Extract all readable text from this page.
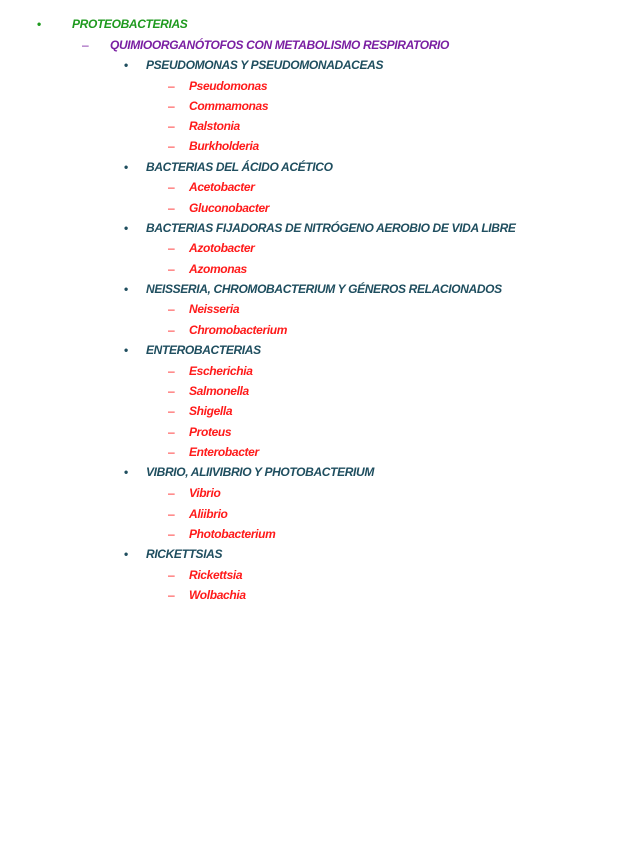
•	PROTEOBACTERIAS
– QUIMIOORGANÓTOFOS CON METABOLISMO RESPIRATORIO
• PSEUDOMONAS Y PSEUDOMONADACEAS
– Pseudomonas
– Commamonas
– Ralstonia
– Burkholderia
• BACTERIAS DEL ÁCIDO ACÉTICO
– Acetobacter
– Gluconobacter
• BACTERIAS FIJADORAS DE NITRÓGENO AEROBIO DE VIDA LIBRE
– Azotobacter
– Azomonas
• NEISSERIA, CHROMOBACTERIUM Y GÉNEROS RELACIONADOS
– Neisseria
– Chromobacterium
• ENTEROBACTERIAS
– Escherichia
– Salmonella
– Shigella
– Proteus
– Enterobacter
• VIBRIO, ALIIVIBRIO Y PHOTOBACTERIUM
– Vibrio
– Aliibrio
– Photobacterium
• RICKETTSIAS
– Rickettsia
– Wolbachia
